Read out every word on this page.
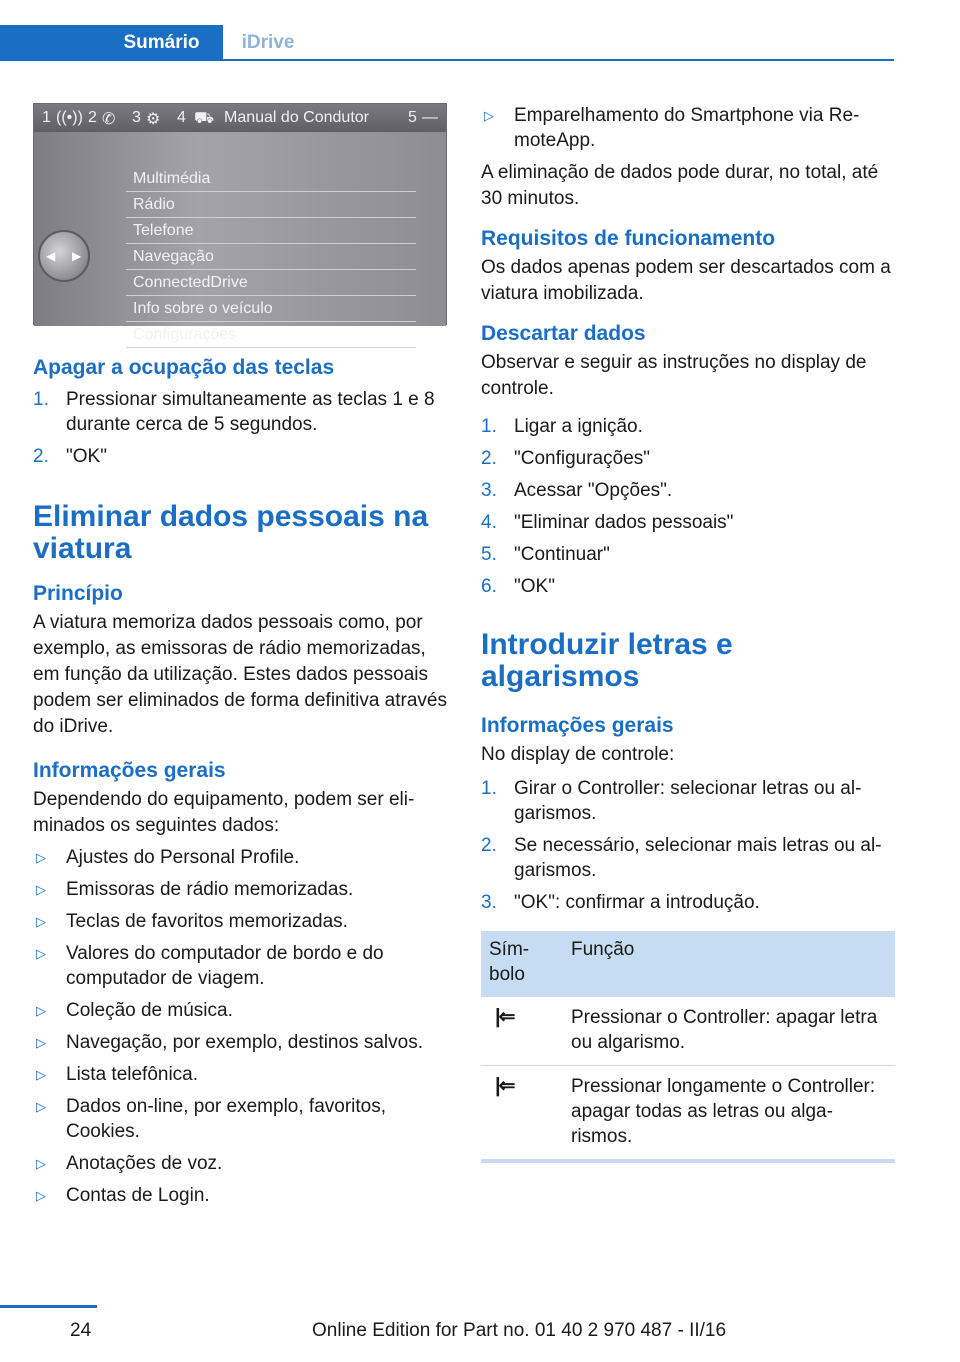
Sumário	iDrive
1 ((•)) 2 ✆ 3 ⚙ 4 ⛟ Manual do Condutor 5 —
◀ ▶
Multimédia
Rádio
Telefone
Navegação
ConnectedDrive
Info sobre o veículo
Configurações
Apagar a ocupação das teclas
1. Pressionar simultaneamente as teclas 1 e 8 durante cerca de 5 segundos.
2. "OK"
Eliminar dados pessoais na viatura
Princípio

A viatura memoriza dados pessoais como, por exemplo, as emissoras de rádio memorizadas, em função da utilização. Estes dados pessoais podem ser eliminados de forma definitiva através do iDrive.

Informações gerais

Dependendo do equipamento, podem ser eliminados os seguintes dados:

▷ Ajustes do Personal Profile.
▷ Emissoras de rádio memorizadas.
▷ Teclas de favoritos memorizadas.
▷ Valores do computador de bordo e do computador de viagem.
▷ Coleção de música.
▷ Navegação, por exemplo, destinos salvos.
▷ Lista telefônica.
▷ Dados on-line, por exemplo, favoritos, Cookies.
▷ Anotações de voz.
▷ Contas de Login.
▷ Emparelhamento do Smartphone via RemoteApp.

A eliminação de dados pode durar, no total, até 30 minutos.

Requisitos de funcionamento

Os dados apenas podem ser descartados com a viatura imobilizada.

Descartar dados

Observar e seguir as instruções no display de controle.

1. Ligar a ignição.
2. "Configurações"
3. Acessar "Opções".
4. "Eliminar dados pessoais"
5. "Continuar"
6. "OK"
Introduzir letras e algarismos
Informações gerais

No display de controle:

1. Girar o Controller: selecionar letras ou algarismos.
2. Se necessário, selecionar mais letras ou algarismos.
3. "OK": confirmar a introdução.
Símbolo	Função
|⇐	Pressionar o Controller: apagar letra ou algarismo.
|⇐	Pressionar longamente o Controller: apagar todas as letras ou algarismos.
24	Online Edition for Part no. 01 40 2 970 487 - II/16
